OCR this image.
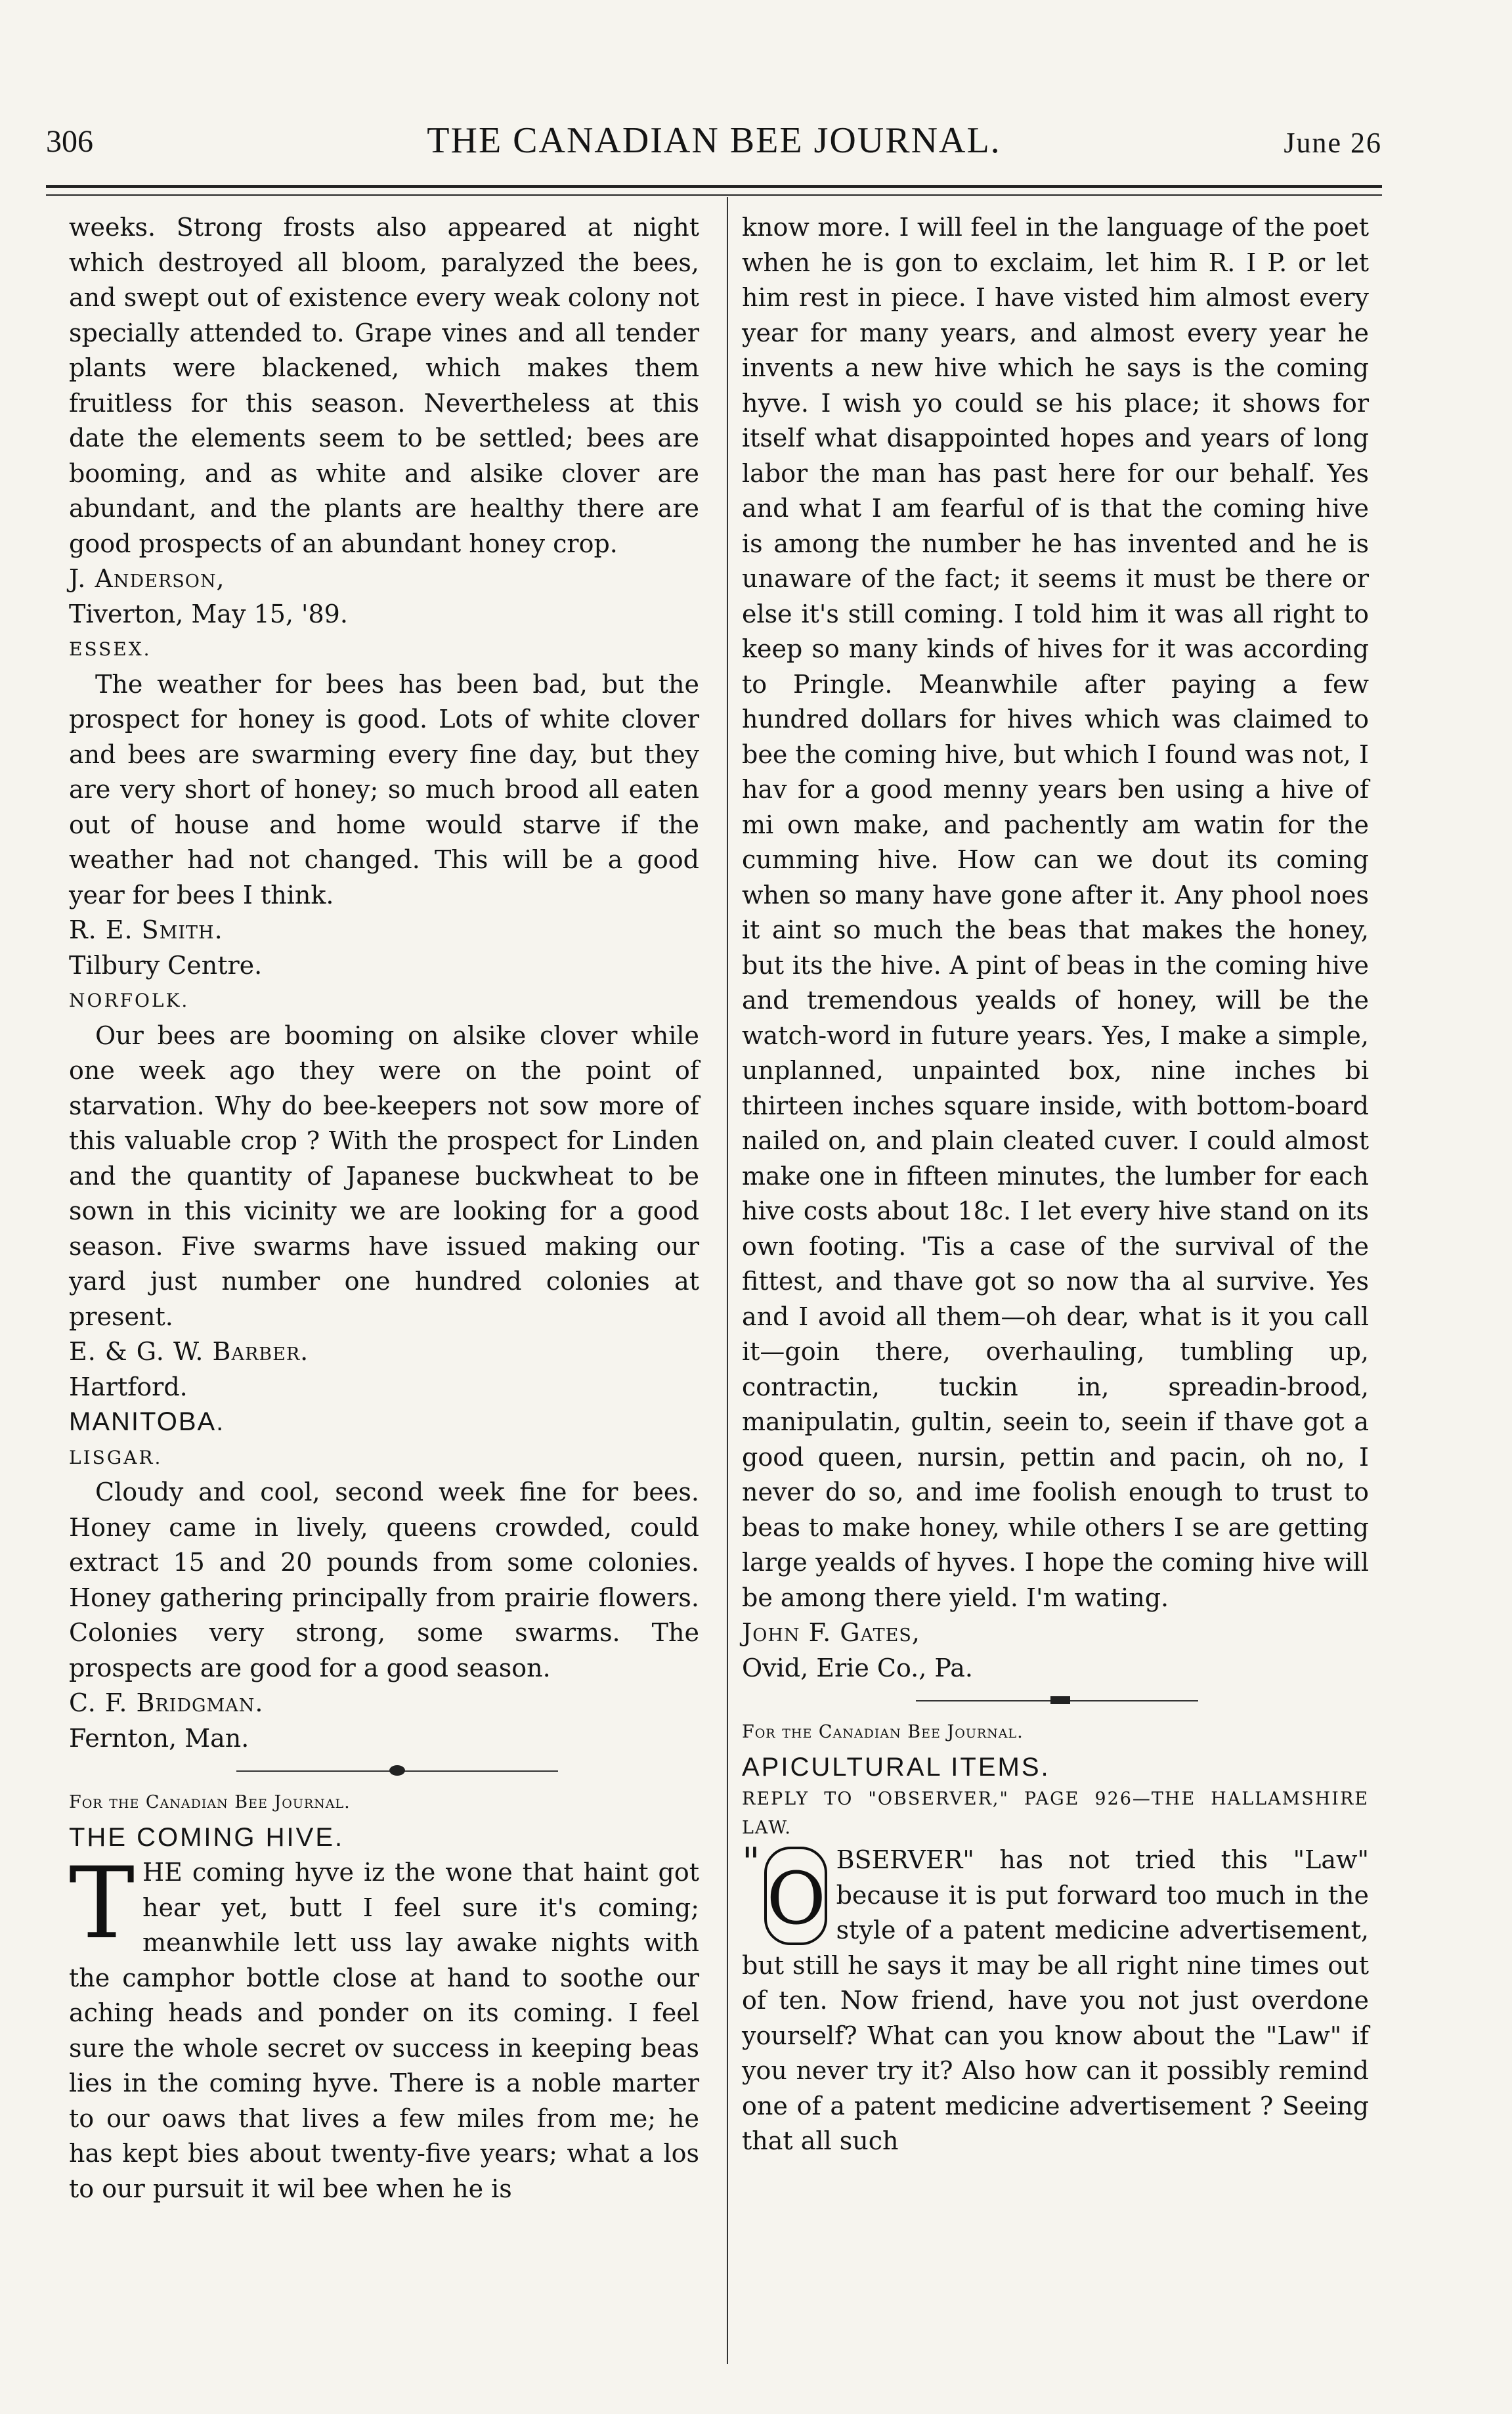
306	THE CANADIAN BEE JOURNAL.	June 26

weeks. Strong frosts also appeared at night which destroyed all bloom, paralyzed the bees, and swept out of existence every weak colony not specially attended to. Grape vines and all tender plants were blackened, which makes them fruitless for this season. Nevertheless at this date the elements seem to be settled; bees are booming, and as white and alsike clover are abundant, and the plants are healthy there are good prospects of an abundant honey crop.

J. Anderson,

Tiverton, May 15, '89.

ESSEX.

The weather for bees has been bad, but the prospect for honey is good. Lots of white clover and bees are swarming every fine day, but they are very short of honey; so much brood all eaten out of house and home would starve if the weather had not changed. This will be a good year for bees I think.

R. E. Smith.

Tilbury Centre.

NORFOLK.

Our bees are booming on alsike clover while one week ago they were on the point of starvation. Why do bee-keepers not sow more of this valuable crop ? With the prospect for Linden and the quantity of Japanese buckwheat to be sown in this vicinity we are looking for a good season. Five swarms have issued making our yard just number one hundred colonies at present.

E. & G. W. Barber.

Hartford.

MANITOBA.

LISGAR.

Cloudy and cool, second week fine for bees. Honey came in lively, queens crowded, could extract 15 and 20 pounds from some colonies. Honey gathering principally from prairie flowers. Colonies very strong, some swarms. The prospects are good for a good season.

C. F. Bridgman.

Fernton, Man.

For the Canadian Bee Journal.

THE COMING HIVE.

T HE coming hyve iz the wone that haint got hear yet, butt I feel sure it's coming; meanwhile lett uss lay awake nights with the camphor bottle close at hand to soothe our aching heads and ponder on its coming. I feel sure the whole secret ov success in keeping beas lies in the coming hyve. There is a noble marter to our oaws that lives a few miles from me; he has kept bies about twenty-five years; what a los to our pursuit it wil bee when he is

know more. I will feel in the language of the poet when he is gon to exclaim, let him R. I P. or let him rest in piece. I have visted him almost every year for many years, and almost every year he invents a new hive which he says is the coming hyve. I wish yo could se his place; it shows for itself what disappointed hopes and years of long labor the man has past here for our behalf. Yes and what I am fearful of is that the coming hive is among the number he has invented and he is unaware of the fact; it seems it must be there or else it's still coming. I told him it was all right to keep so many kinds of hives for it was according to Pringle. Meanwhile after paying a few hundred dollars for hives which was claimed to bee the coming hive, but which I found was not, I hav for a good menny years ben using a hive of mi own make, and pachently am watin for the cumming hive. How can we dout its coming when so many have gone after it. Any phool noes it aint so much the beas that makes the honey, but its the hive. A pint of beas in the coming hive and tremendous yealds of honey, will be the watch-word in future years. Yes, I make a simple, unplanned, unpainted box, nine inches bi thirteen inches square inside, with bottom-board nailed on, and plain cleated cuver. I could almost make one in fifteen minutes, the lumber for each hive costs about 18c. I let every hive stand on its own footing. 'Tis a case of the survival of the fittest, and thave got so now tha al survive. Yes and I avoid all them—oh dear, what is it you call it—goin there, overhauling, tumbling up, contractin, tuckin in, spreadin-brood, manipulatin, gultin, seein to, seein if thave got a good queen, nursin, pettin and pacin, oh no, I never do so, and ime foolish enough to trust to beas to make honey, while others I se are getting large yealds of hyves. I hope the coming hive will be among there yield. I'm wating.

John F. Gates,

Ovid, Erie Co., Pa.

For the Canadian Bee Journal.

APICULTURAL ITEMS.

REPLY TO "OBSERVER," PAGE 926—THE HALLAMSHIRE LAW.

" O BSERVER" has not tried this "Law" because it is put forward too much in the style of a patent medicine advertisement, but still he says it may be all right nine times out of ten. Now friend, have you not just overdone yourself? What can you know about the "Law" if you never try it? Also how can it possibly remind one of a patent medicine advertisement ? Seeing that all such
